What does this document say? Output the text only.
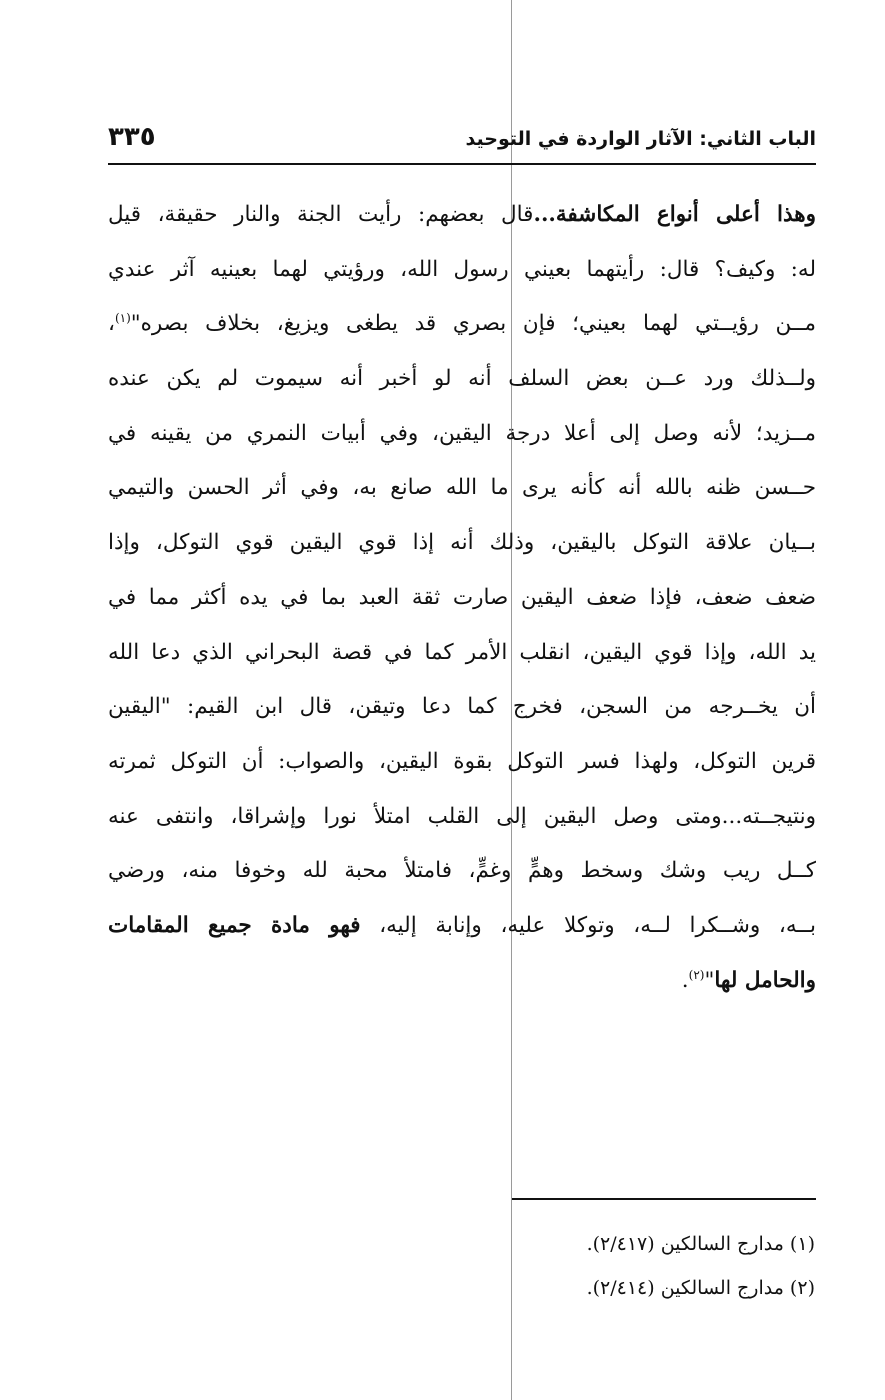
الباب الثاني: الآثار الواردة في التوحيد
٣٣٥
وهذا أعلى أنواع المكاشفة...قال بعضهم: رأيت الجنة والنار حقيقة، قيل
له: وكيف؟ قال: رأيتهما بعيني رسول الله، ورؤيتي لهما بعينيه آثر عندي
مــن رؤيــتي لهما بعيني؛ فإن بصري قد يطغى ويزيغ، بخلاف بصره"$^{(١)}$،
ولــذلك ورد عــن بعض السلف أنه لو أخبر أنه سيموت لم يكن عنده
مــزيد؛ لأنه وصل إلى أعلا درجة اليقين، وفي أبيات النمري من يقينه في
حــسن ظنه بالله أنه كأنه يرى ما الله صانع به، وفي أثر الحسن والتيمي
بــيان علاقة التوكل باليقين، وذلك أنه إذا قوي اليقين قوي التوكل، وإذا
ضعف ضعف، فإذا ضعف اليقين صارت ثقة العبد بما في يده أكثر مما في
يد الله، وإذا قوي اليقين، انقلب الأمر كما في قصة البحراني الذي دعا الله
أن يخــرجه من السجن، فخرج كما دعا وتيقن، قال ابن القيم: "اليقين
قرين التوكل، ولهذا فسر التوكل بقوة اليقين، والصواب: أن التوكل ثمرته
ونتيجــته...ومتى وصل اليقين إلى القلب امتلأ نورا وإشراقا، وانتفى عنه
كــل ريب وشك وسخط وهمٍّ وغمٍّ، فامتلأ محبة لله وخوفا منه، ورضي
بــه، وشــكرا لــه، وتوكلا عليه، وإنابة إليه، فهو مادة جميع المقامات
والحامل لها"$^{(٢)}$.
(١) مدارج السالكين (٢/٤١٧).
(٢) مدارج السالكين (٢/٤١٤).
